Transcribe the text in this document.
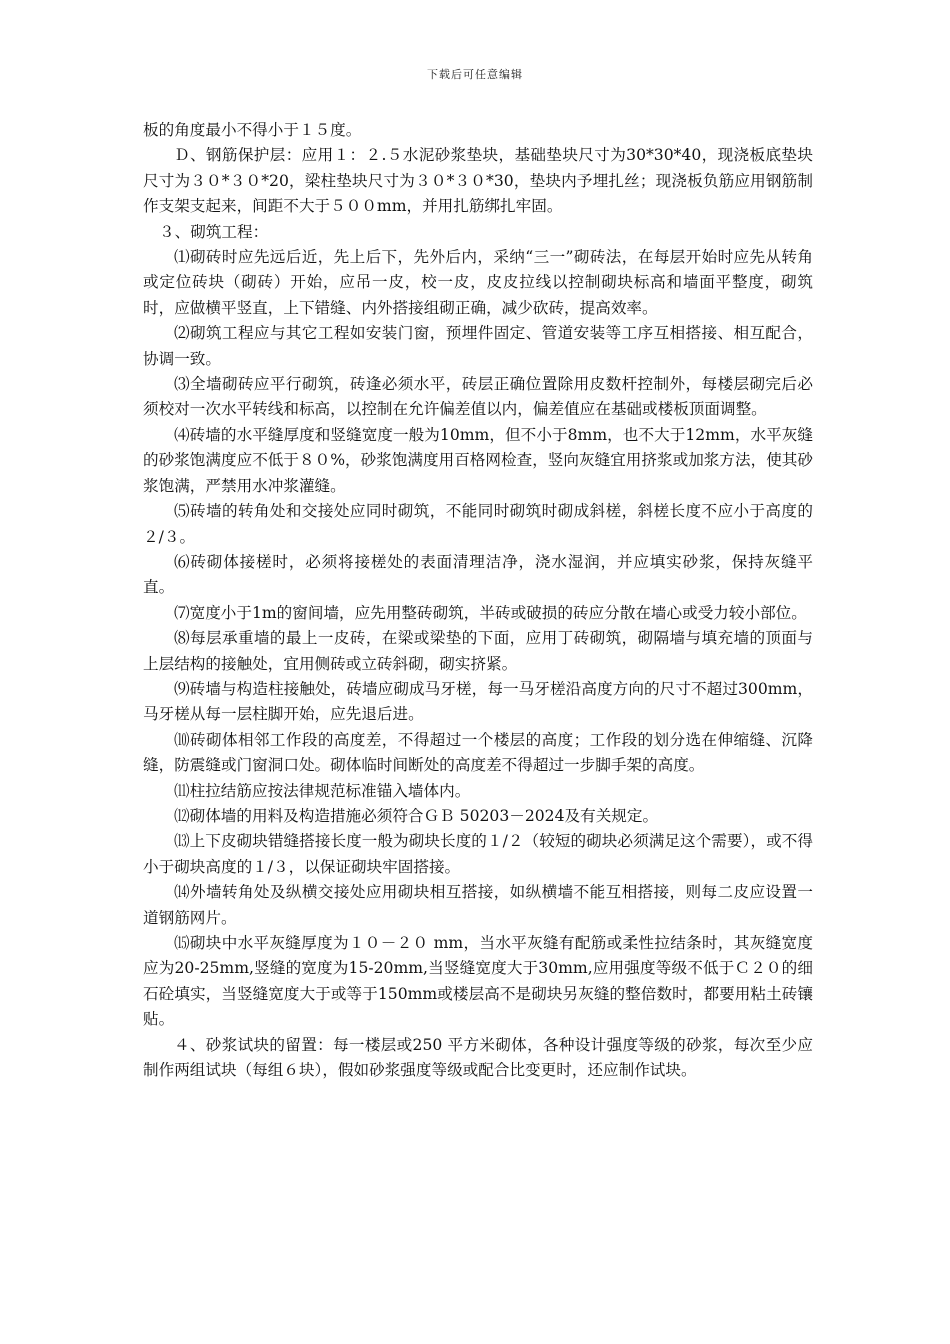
下载后可任意编辑

板的角度最小不得小于１５度。

Ｄ、钢筋保护层：应用１：２.５水泥砂浆垫块，基础垫块尺寸为30*30*40，现浇板底垫块尺寸为３０*３０*20，梁柱垫块尺寸为３０*３０*30，垫块内予埋扎丝；现浇板负筋应用钢筋制作支架支起来，间距不大于５００mm，并用扎筋绑扎牢固。

３、砌筑工程：

⑴砌砖时应先远后近，先上后下，先外后内，采纳“三一”砌砖法，在每层开始时应先从转角或定位砖块（砌砖）开始，应吊一皮，校一皮，皮皮拉线以控制砌块标高和墙面平整度，砌筑时，应做横平竖直，上下错缝、内外搭接组砌正确，减少砍砖，提高效率。

⑵砌筑工程应与其它工程如安装门窗，预埋件固定、管道安装等工序互相搭接、相互配合，协调一致。

⑶全墙砌砖应平行砌筑，砖逢必须水平，砖层正确位置除用皮数杆控制外，每楼层砌完后必须校对一次水平转线和标高，以控制在允许偏差值以内，偏差值应在基础或楼板顶面调整。

⑷砖墙的水平缝厚度和竖缝宽度一般为10mm，但不小于8mm，也不大于12mm，水平灰缝的砂浆饱满度应不低于８０%，砂浆饱满度用百格网检查，竖向灰缝宜用挤浆或加浆方法，使其砂浆饱满，严禁用水冲浆灌缝。

⑸砖墙的转角处和交接处应同时砌筑，不能同时砌筑时砌成斜槎，斜槎长度不应小于高度的２/３。

⑹砖砌体接槎时，必须将接槎处的表面清理洁净，浇水湿润，并应填实砂浆，保持灰缝平直。

⑺宽度小于1m的窗间墙，应先用整砖砌筑，半砖或破损的砖应分散在墙心或受力较小部位。

⑻每层承重墙的最上一皮砖，在梁或梁垫的下面，应用丁砖砌筑，砌隔墙与填充墙的顶面与上层结构的接触处，宜用侧砖或立砖斜砌，砌实挤紧。

⑼砖墙与构造柱接触处，砖墙应砌成马牙槎，每一马牙槎沿高度方向的尺寸不超过300mm，马牙槎从每一层柱脚开始，应先退后进。

⑽砖砌体相邻工作段的高度差，不得超过一个楼层的高度；工作段的划分选在伸缩缝、沉降缝，防震缝或门窗洞口处。砌体临时间断处的高度差不得超过一步脚手架的高度。

⑾柱拉结筋应按法律规范标准锚入墙体内。

⑿砌体墙的用料及构造措施必须符合ＧＢ 50203－2024及有关规定。

⒀上下皮砌块错缝搭接长度一般为砌块长度的１/２（较短的砌块必须满足这个需要），或不得小于砌块高度的１/３，以保证砌块牢固搭接。

⒁外墙转角处及纵横交接处应用砌块相互搭接，如纵横墙不能互相搭接，则每二皮应设置一道钢筋网片。

⒂砌块中水平灰缝厚度为１０－２０ mm，当水平灰缝有配筋或柔性拉结条时，其灰缝宽度应为20-25mm,竖缝的宽度为15-20mm,当竖缝宽度大于30mm,应用强度等级不低于Ｃ２０的细石砼填实，当竖缝宽度大于或等于150mm或楼层高不是砌块另灰缝的整倍数时，都要用粘土砖镶贴。

４、砂浆试块的留置：每一楼层或250 平方米砌体，各种设计强度等级的砂浆，每次至少应制作两组试块（每组６块），假如砂浆强度等级或配合比变更时，还应制作试块。
